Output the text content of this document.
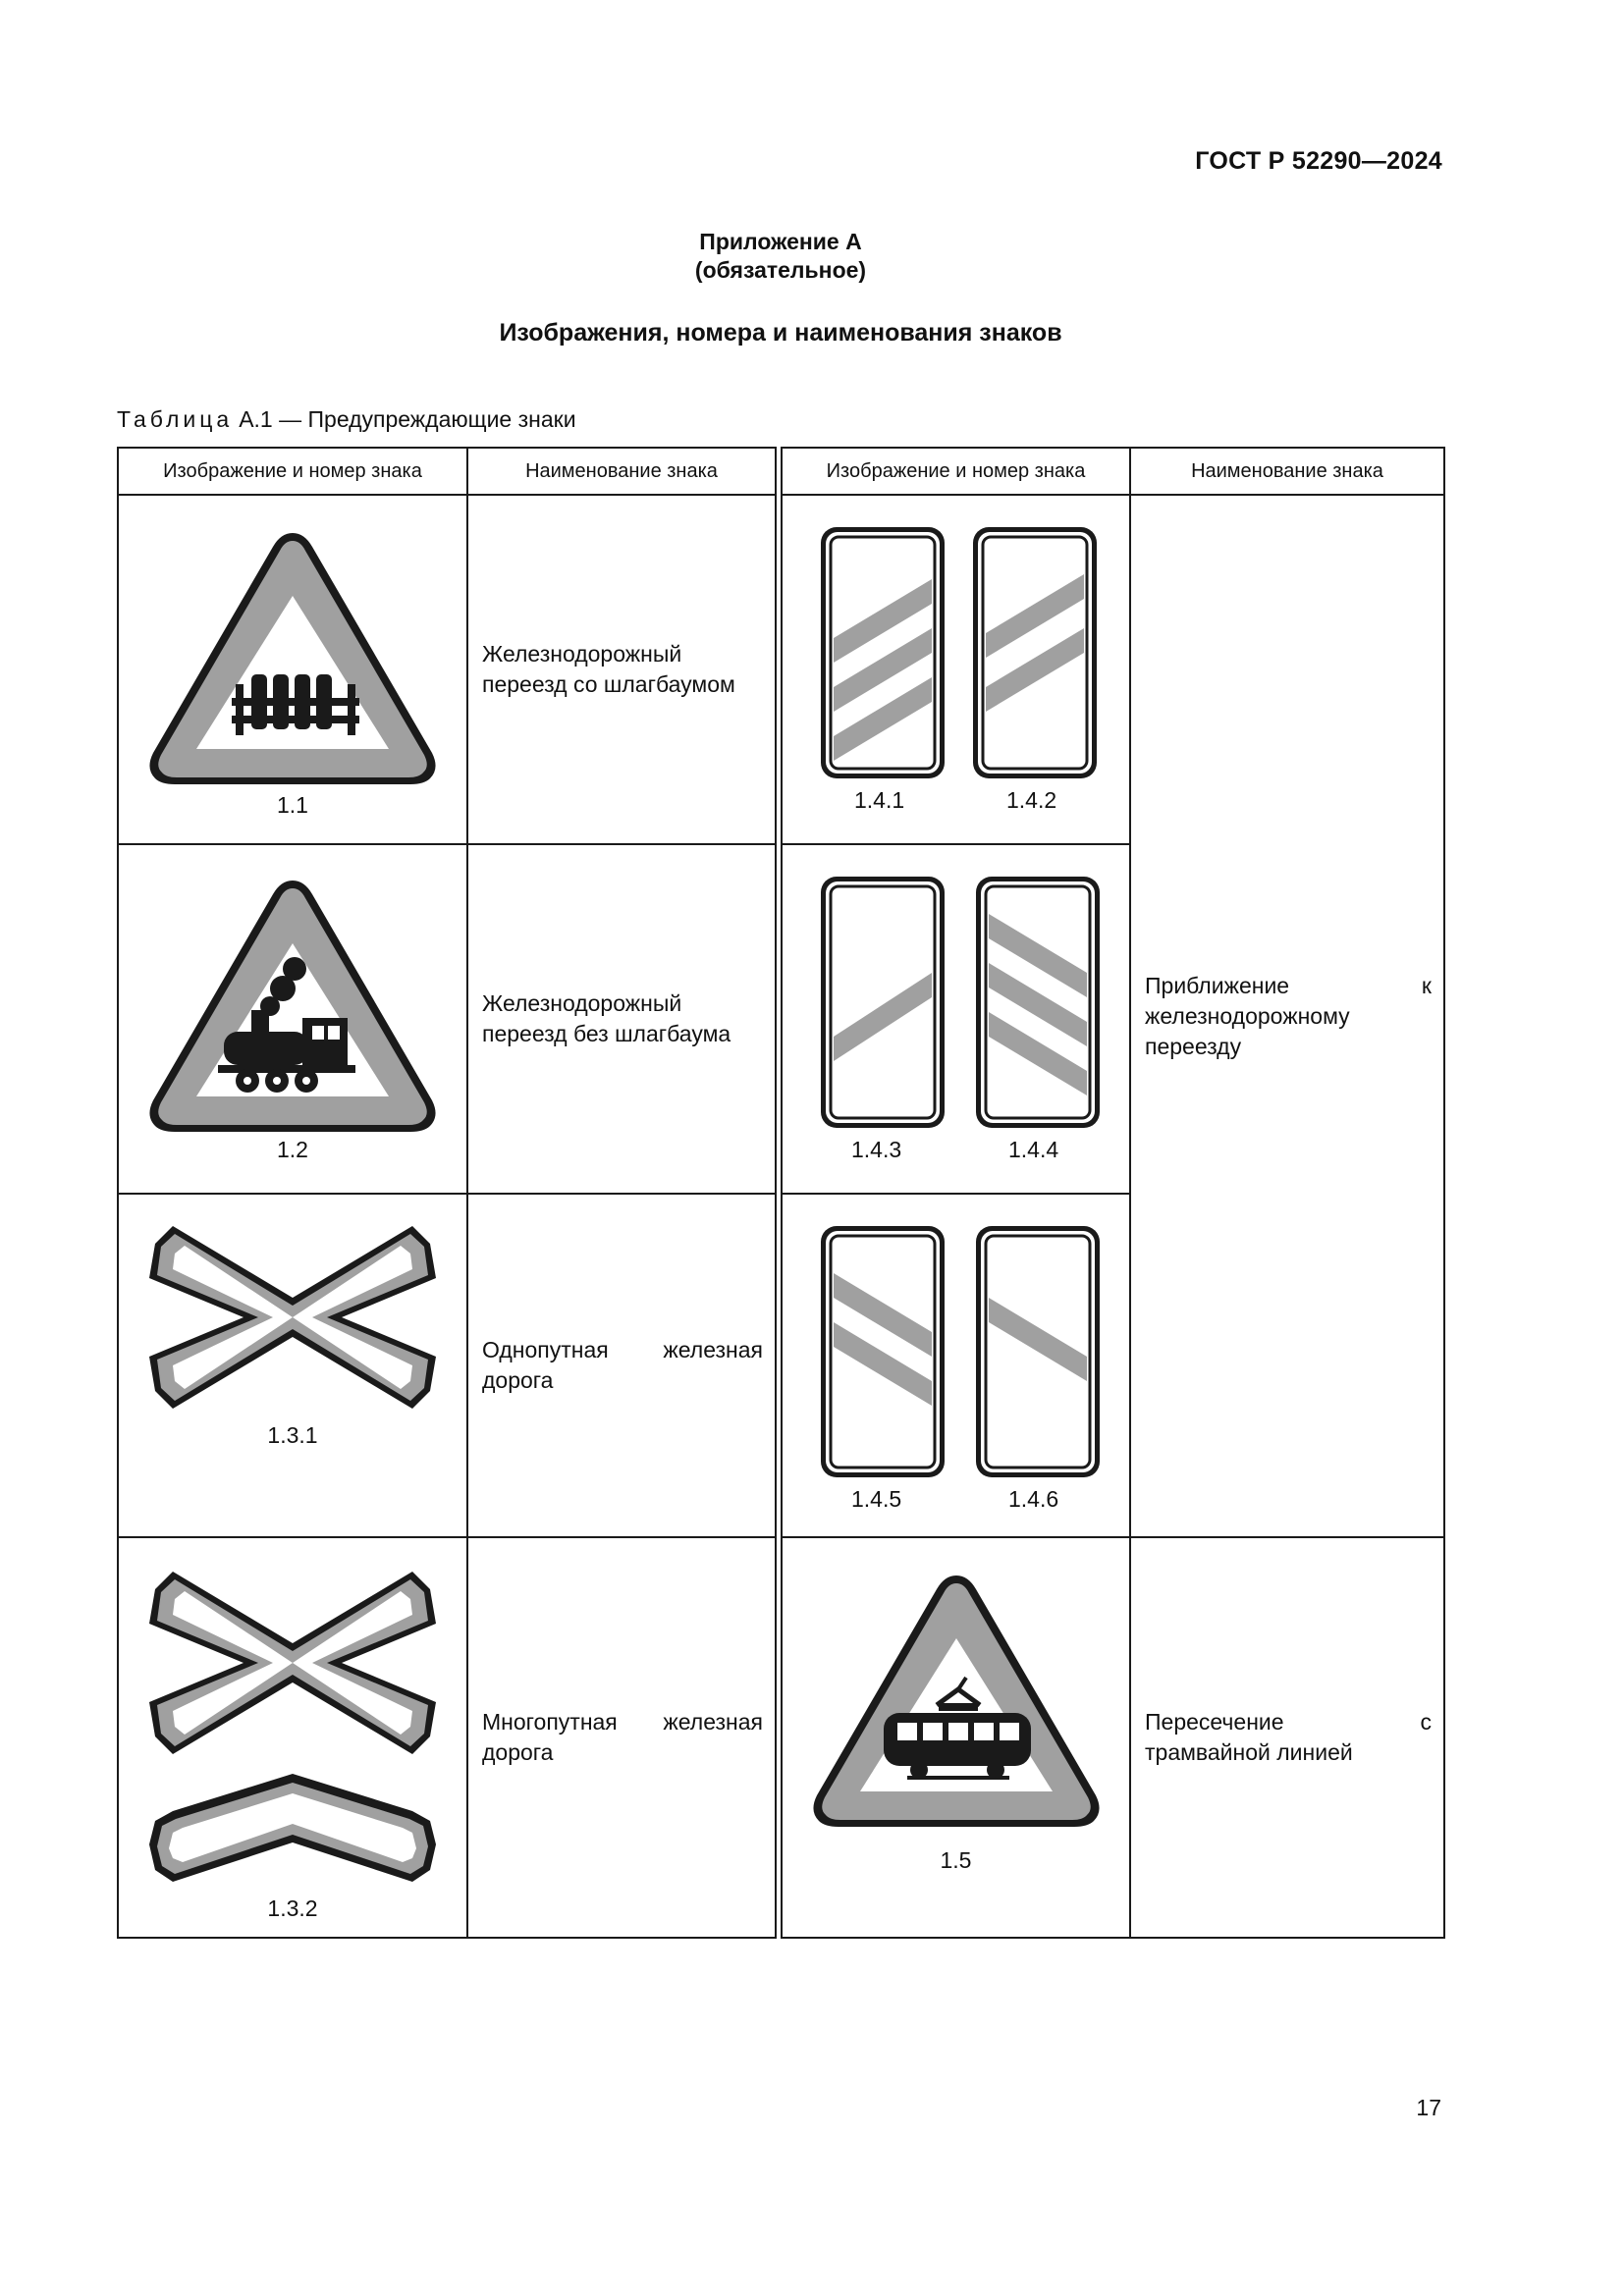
ГОСТ Р 52290—2024
Приложение А
(обязательное)
Изображения, номера и наименования знаков
Таблица А.1 — Предупреждающие знаки
Изображение и номер знака	Наименование знака		Изображение и номер знака	Наименование знака

1.1	Железнодорожный переезд со шлагбаумом		1.4.1 1.4.2	Приближение к железнодорожному переезду

1.2	Железнодорожный переезд без шлагбаума		1.4.3 1.4.4	

1.3.1	Однопутная железная дорога		1.4.5 1.4.6	

1.3.2	Многопутная железная дорога		1.5	Пересечение с трамвайной линией
17
